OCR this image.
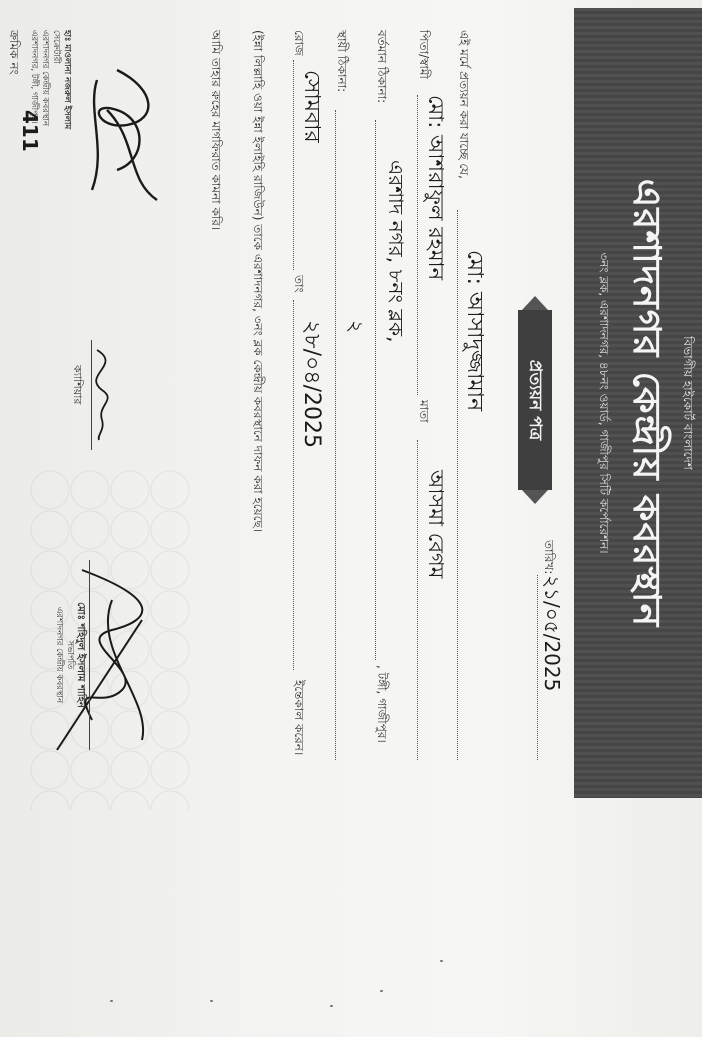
বিভাগীয় হাইকোর্ট বাংলাদেশ
এরশাদনগর কেন্দ্রীয় কবরস্থান
৩নং ব্লক, এরশাদনগর, ৪৮নং ওয়ার্ড, গাজীপুর সিটি কর্পোরেশন।
ক্রমিক নং
411
তারিখ:
২১/০৫/2025
প্রত্যয়ন পত্র
এই মর্মে প্রত্যয়ন করা যাচ্ছে যে,
মো: আসাদুজ্জামান
পিতা/স্বামী
মো: আশরাফুল রহমান
মাতা
আসমা বেগম
বর্তমান ঠিকানা:
এরশাদ নগর, ৮নং ব্লক,
, টঙ্গী, গাজীপুর।
স্থায়ী ঠিকানা:
২
রোজ
সোমবার
তাং
২৮/০৪/2025
ইন্তেকাল করেন।
(ইন্না লিল্লাহি ওয়া ইন্না ইলাইহি রাজিউন) তাকে এরশাদনগর, ৩নং ব্লক কেন্দ্রীয় কবরস্থানে দাফন করা হয়েছে।
আমি তাহার রুহের মাগফিরাত কামনা করি।
হাঃ মাওলানা নজরুল ইসলাম
সেক্রেটারী
এরশাদনগর কেন্দ্রীয় কবরস্থান
এরশাদনগর, টঙ্গী, গাজীপুর।
ক্যাশিয়ার
মোঃ শহিদুল ইসলাম শাহিন
সভাপতি
এরশাদনগর কেন্দ্রীয় কবরস্থান
